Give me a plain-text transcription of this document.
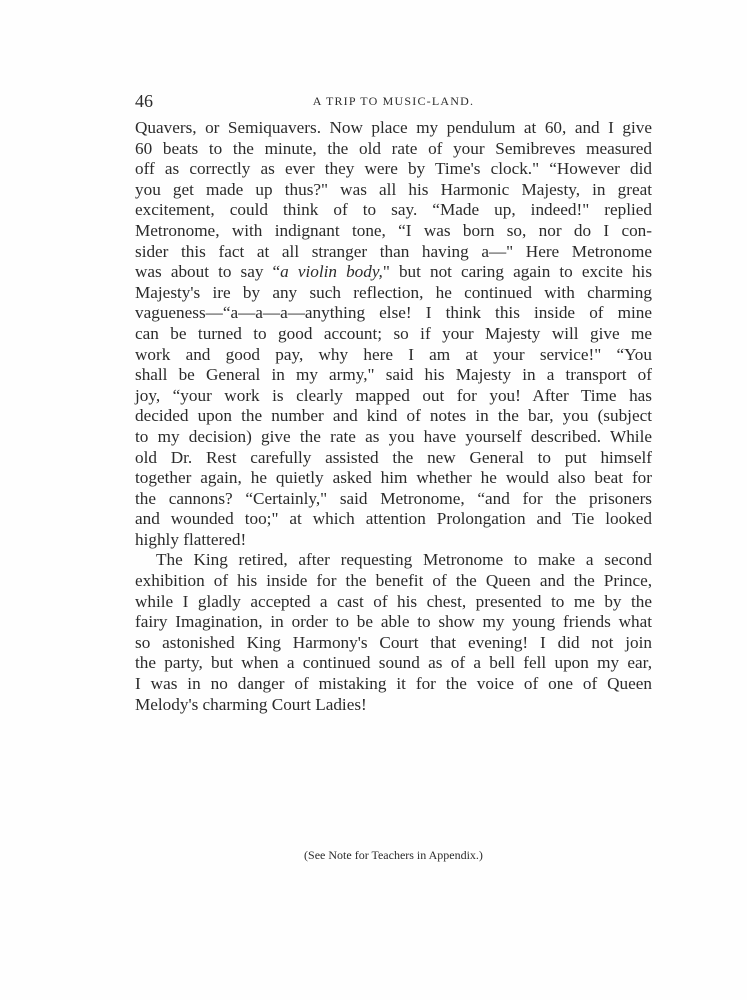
46	A TRIP TO MUSIC-LAND.
Quavers, or Semiquavers. Now place my pendulum at 60, and I give
60 beats to the minute, the old rate of your Semibreves measured
off as correctly as ever they were by Time's clock." “However did
you get made up thus?" was all his Harmonic Majesty, in great
excitement, could think of to say. “Made up, indeed!" replied
Metronome, with indignant tone, “I was born so, nor do I con-
sider this fact at all stranger than having a—" Here Metronome
was about to say “a violin body," but not caring again to excite his
Majesty's ire by any such reflection, he continued with charming
vagueness—“a—a—a—anything else! I think this inside of mine
can be turned to good account; so if your Majesty will give me
work and good pay, why here I am at your service!" “You
shall be General in my army," said his Majesty in a transport of
joy, “your work is clearly mapped out for you! After Time has
decided upon the number and kind of notes in the bar, you (subject
to my decision) give the rate as you have yourself described. While
old Dr. Rest carefully assisted the new General to put himself
together again, he quietly asked him whether he would also beat for
the cannons? “Certainly," said Metronome, “and for the prisoners
and wounded too;" at which attention Prolongation and Tie looked
highly flattered!
The King retired, after requesting Metronome to make a second
exhibition of his inside for the benefit of the Queen and the Prince,
while I gladly accepted a cast of his chest, presented to me by the
fairy Imagination, in order to be able to show my young friends what
so astonished King Harmony's Court that evening! I did not join
the party, but when a continued sound as of a bell fell upon my ear,
I was in no danger of mistaking it for the voice of one of Queen
Melody's charming Court Ladies!
(See Note for Teachers in Appendix.)
